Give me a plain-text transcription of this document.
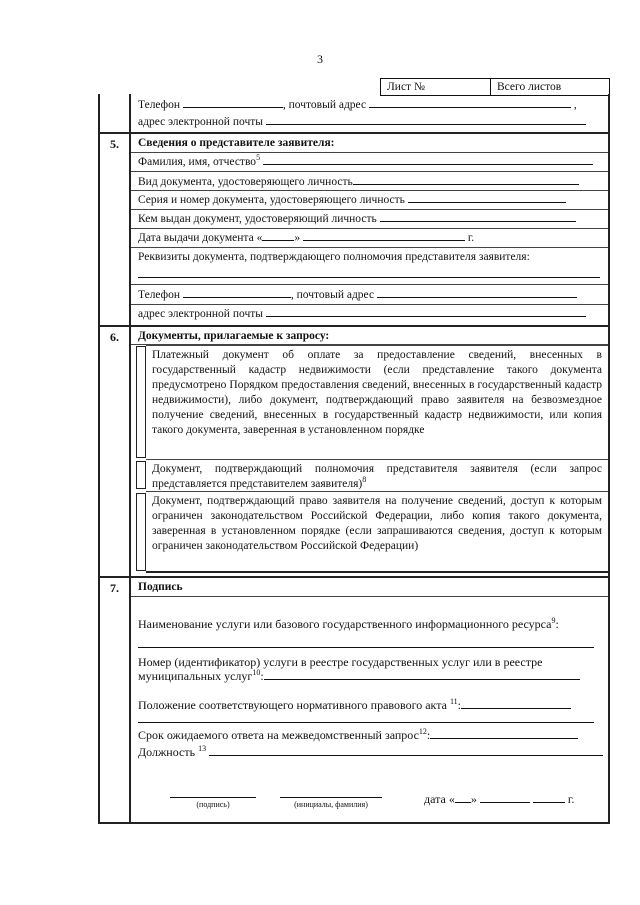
3
Лист №	Всего листов
Телефон	, почтовый адрес	,
адрес электронной почты
5.	Сведения о представителе заявителя:
Фамилия, имя, отчество$^5$
Вид документа, удостоверяющего личность
Серия и номер документа, удостоверяющего личность
Кем выдан документ, удостоверяющий личность
Дата выдачи документа «	»	г.
Реквизиты документа, подтверждающего полномочия представителя заявителя:
Телефон	, почтовый адрес
адрес электронной почты
6.	Документы, прилагаемые к запросу:
Платежный документ об оплате за предоставление сведений, внесенных в государственный кадастр недвижимости (если представление такого документа предусмотрено Порядком предоставления сведений, внесенных в государственный кадастр недвижимости), либо документ, подтверждающий право заявителя на безвозмездное получение сведений, внесенных в государственный кадастр недвижимости, или копия такого документа, заверенная в установленном порядке
Документ, подтверждающий полномочия представителя заявителя (если запрос представляется представителем заявителя)$^8$
Документ, подтверждающий право заявителя на получение сведений, доступ к которым ограничен законодательством Российской Федерации, либо копия такого документа, заверенная в установленном порядке (если запрашиваются сведения, доступ к которым ограничен законодательством Российской Федерации)
7.	Подпись
Наименование услуги или базового государственного информационного ресурса$^9$:
Номер (идентификатор) услуги в реестре государственных услуг или в реестре
муниципальных услуг$^{10}$:
Положение соответствующего нормативного правового акта $^{11}$:
Срок ожидаемого ответа на межведомственный запрос$^{12}$:
Должность $^{13}$
(подпись)	(инициалы, фамилия)	дата « »	г.
